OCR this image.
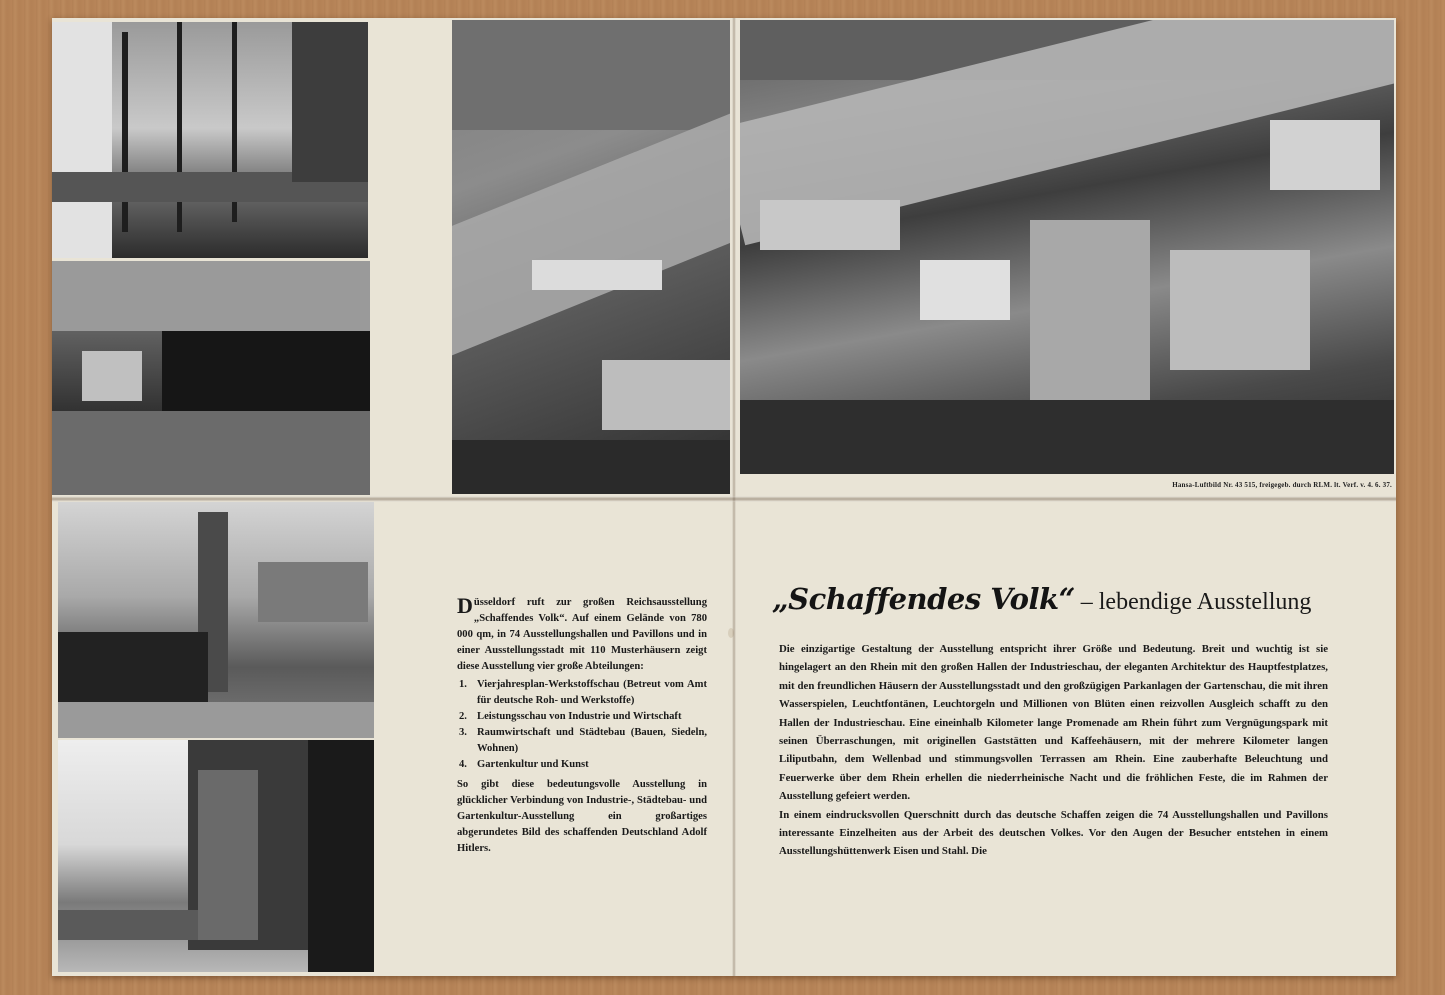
Hansa-Luftbild Nr. 43 515, freigegeb. durch RLM. lt. Verf. v. 4. 6. 37.

Düsseldorf ruft zur großen Reichsausstellung „Schaffendes Volk“. Auf einem Gelände von 780 000 qm, in 74 Ausstellungshallen und Pavillons und in einer Ausstellungsstadt mit 110 Musterhäusern zeigt diese Ausstellung vier große Abteilungen:

1. Vierjahresplan-Werkstoffschau (Betreut vom Amt für deutsche Roh- und Werkstoffe)
2. Leistungsschau von Industrie und Wirtschaft
3. Raumwirtschaft und Städtebau (Bauen, Siedeln, Wohnen)
4. Gartenkultur und Kunst

So gibt diese bedeutungsvolle Ausstellung in glücklicher Verbindung von Industrie-, Städtebau- und Gartenkultur-Ausstellung ein großartiges abgerundetes Bild des schaffenden Deutschland Adolf Hitlers.

„Schaffendes Volk“ – lebendige Ausstellung

Die einzigartige Gestaltung der Ausstellung entspricht ihrer Größe und Bedeutung. Breit und wuchtig ist sie hingelagert an den Rhein mit den großen Hallen der Industrieschau, der eleganten Architektur des Hauptfestplatzes, mit den freundlichen Häusern der Ausstellungsstadt und den großzügigen Parkanlagen der Gartenschau, die mit ihren Wasserspielen, Leuchtfontänen, Leuchtorgeln und Millionen von Blüten einen reizvollen Ausgleich schafft zu den Hallen der Industrieschau. Eine eineinhalb Kilometer lange Promenade am Rhein führt zum Vergnügungspark mit seinen Überraschungen, mit originellen Gaststätten und Kaffeehäusern, mit der mehrere Kilometer langen Liliputbahn, dem Wellenbad und stimmungsvollen Terrassen am Rhein. Eine zauberhafte Beleuchtung und Feuerwerke über dem Rhein erhellen die niederrheinische Nacht und die fröhlichen Feste, die im Rahmen der Ausstellung gefeiert werden.

In einem eindrucksvollen Querschnitt durch das deutsche Schaffen zeigen die 74 Ausstellungshallen und Pavillons interessante Einzelheiten aus der Arbeit des deutschen Volkes. Vor den Augen der Besucher entstehen in einem Ausstellungshüttenwerk Eisen und Stahl. Die
